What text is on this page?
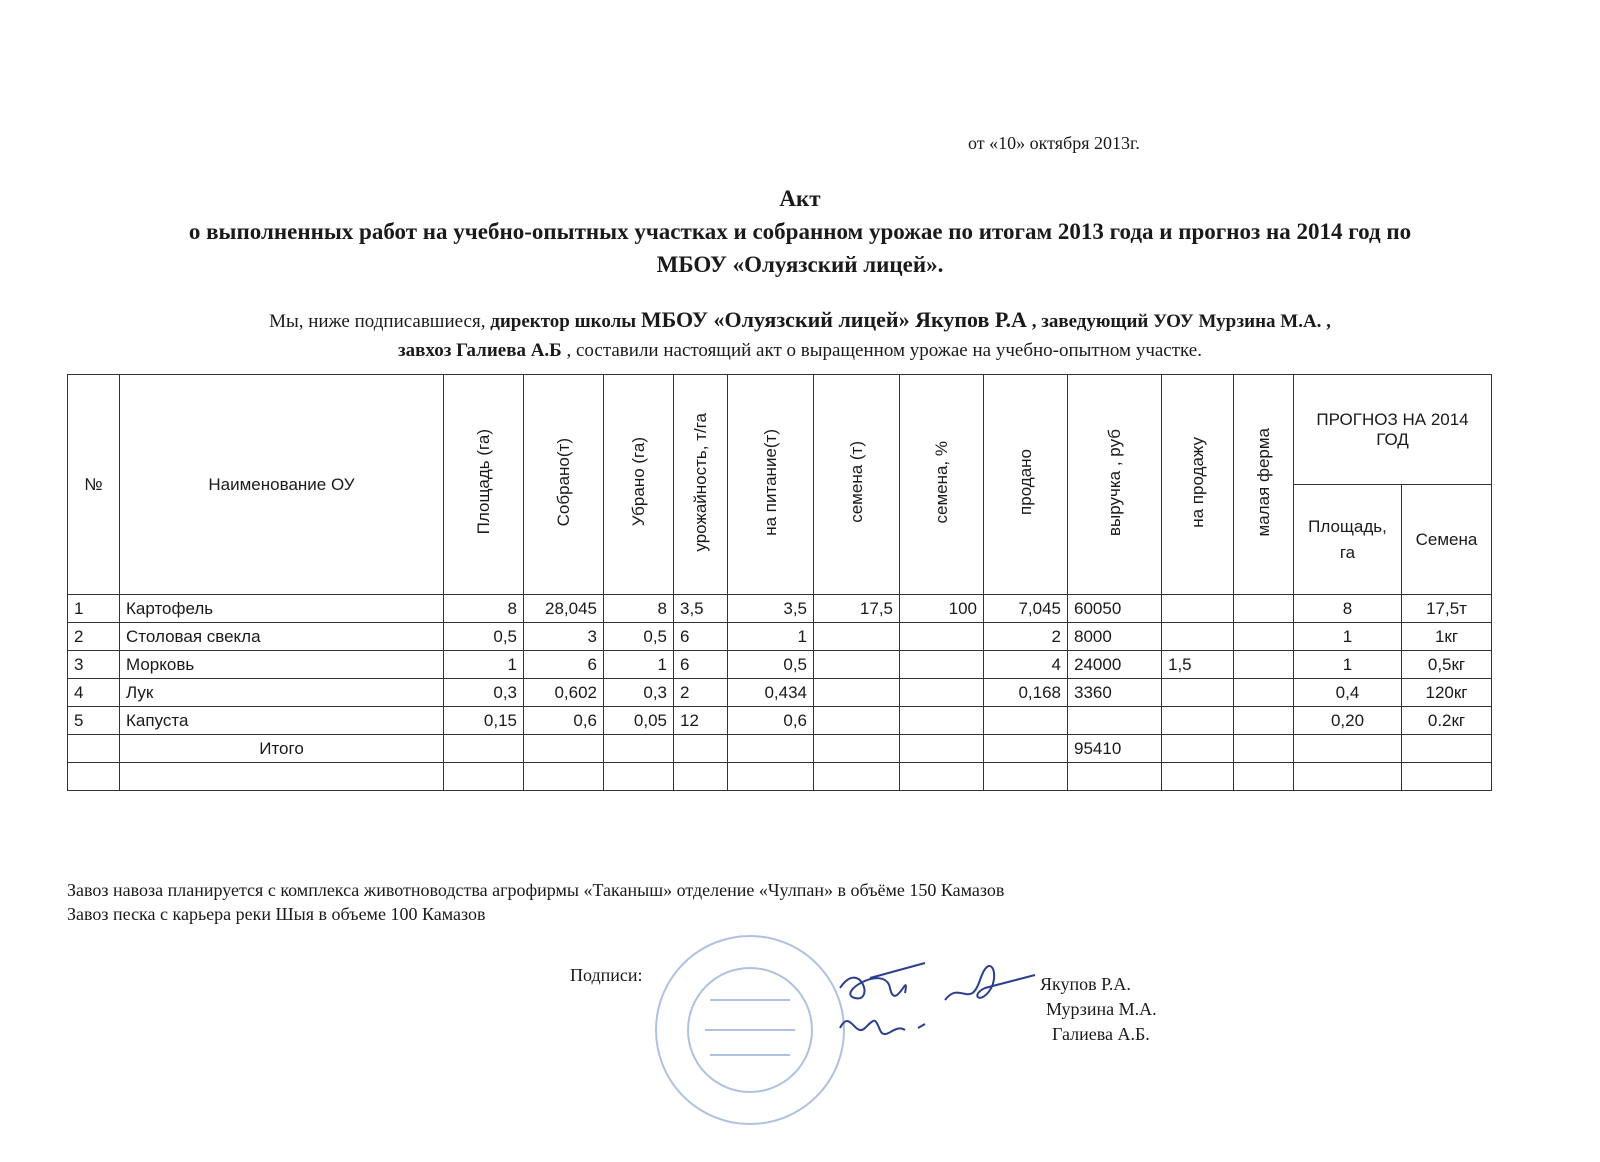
от «10» октября 2013г.
Акт
о выполненных работ на учебно-опытных участках и собранном урожае по итогам 2013 года и прогноз на 2014 год по
МБОУ «Олуязский лицей».
Мы, ниже подписавшиеся, директор школы МБОУ «Олуязский лицей» Якупов Р.А , заведующий УОУ Мурзина М.А. ,
завхоз Галиева А.Б , составили настоящий акт о выращенном урожае на учебно-опытном участке.
№	Наименование ОУ	Площадь (га)	Собрано(т)	Убрано (га)	урожайность, т/га	на питание(т)	семена (т)	семена, %	продано	выручка , руб	на продажу	малая ферма	ПРОГНОЗ НА 2014 ГОД	
													Площадь, га	Семена
1	Картофель	8	28,045	8	3,5	3,5	17,5	100	7,045	60050			8	17,5т
2	Столовая свекла	0,5	3	0,5	6	1			2	8000			1	1кг
3	Морковь	1	6	1	6	0,5			4	24000	1,5		1	0,5кг
4	Лук	0,3	0,602	0,3	2	0,434			0,168	3360			0,4	120кг
5	Капуста	0,15	0,6	0,05	12	0,6							0,20	0.2кг
	Итого									95410				

Завоз навоза планируется с комплекса животноводства агрофирмы «Таканыш» отделение «Чулпан» в объёме 150 Камазов
Завоз песка с карьера реки Шыя в объеме 100 Камазов
Подписи:	Якупов Р.А.
Мурзина М.А.
Галиева А.Б.
